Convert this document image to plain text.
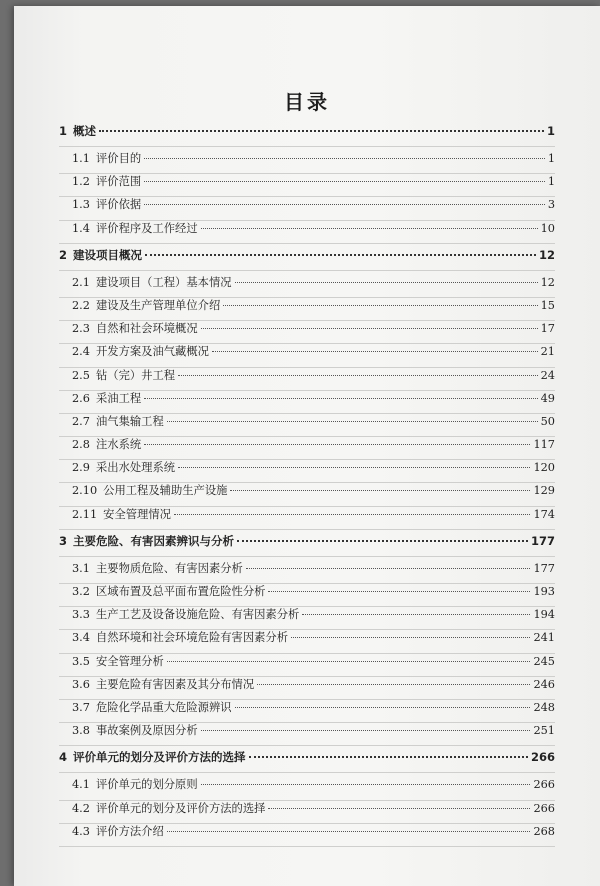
目录
1 概述	1
1.1 评价目的	1
1.2 评价范围	1
1.3 评价依据	3
1.4 评价程序及工作经过	10
2 建设项目概况	12
2.1 建设项目（工程）基本情况	12
2.2 建设及生产管理单位介绍	15
2.3 自然和社会环境概况	17
2.4 开发方案及油气藏概况	21
2.5 钻（完）井工程	24
2.6 采油工程	49
2.7 油气集输工程	50
2.8 注水系统	117
2.9 采出水处理系统	120
2.10 公用工程及辅助生产设施	129
2.11 安全管理情况	174
3 主要危险、有害因素辨识与分析	177
3.1 主要物质危险、有害因素分析	177
3.2 区域布置及总平面布置危险性分析	193
3.3 生产工艺及设备设施危险、有害因素分析	194
3.4 自然环境和社会环境危险有害因素分析	241
3.5 安全管理分析	245
3.6 主要危险有害因素及其分布情况	246
3.7 危险化学品重大危险源辨识	248
3.8 事故案例及原因分析	251
4 评价单元的划分及评价方法的选择	266
4.1 评价单元的划分原则	266
4.2 评价单元的划分及评价方法的选择	266
4.3 评价方法介绍	268
